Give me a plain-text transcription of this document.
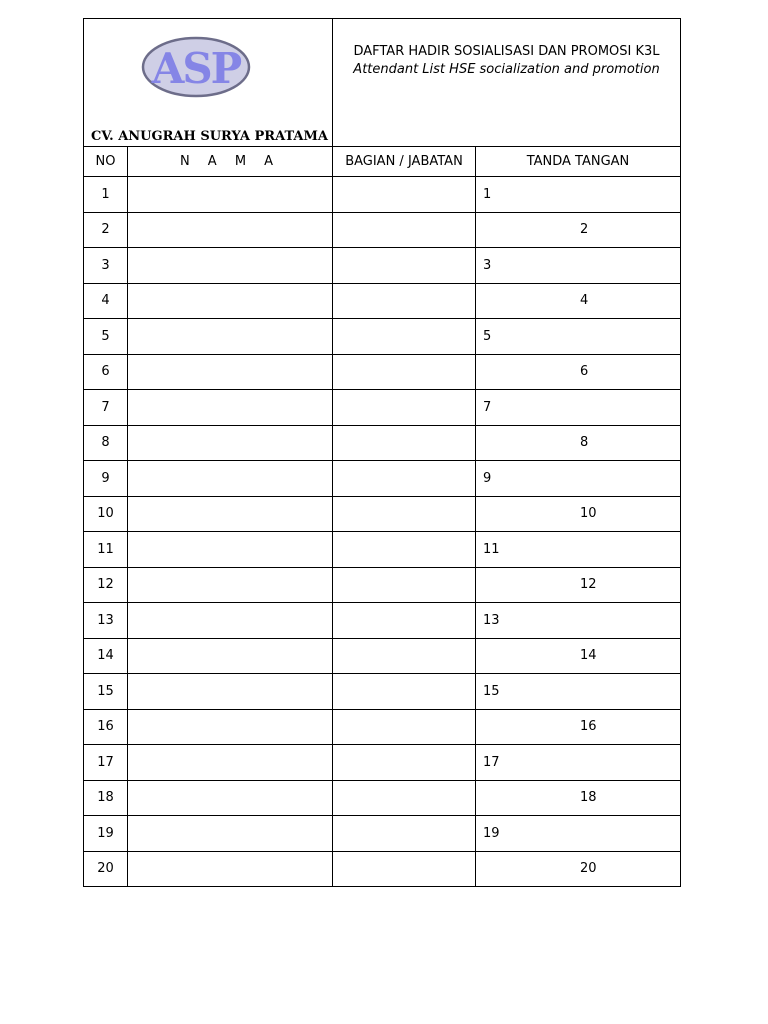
ASP
CV. ANUGRAH SURYA PRATAMA		DAFTAR HADIR SOSIALISASI DAN PROMOSI K3L
Attendant List HSE socialization and promotion	

NO	N A M A	BAGIAN / JABATAN	TANDA TANGAN
1			1

2			2

3			3

4			4

5			5

6			6

7			7

8			8

9			9

10			10

11			11

12			12

13			13

14			14

15			15

16			16

17			17

18			18

19			19

20			20
